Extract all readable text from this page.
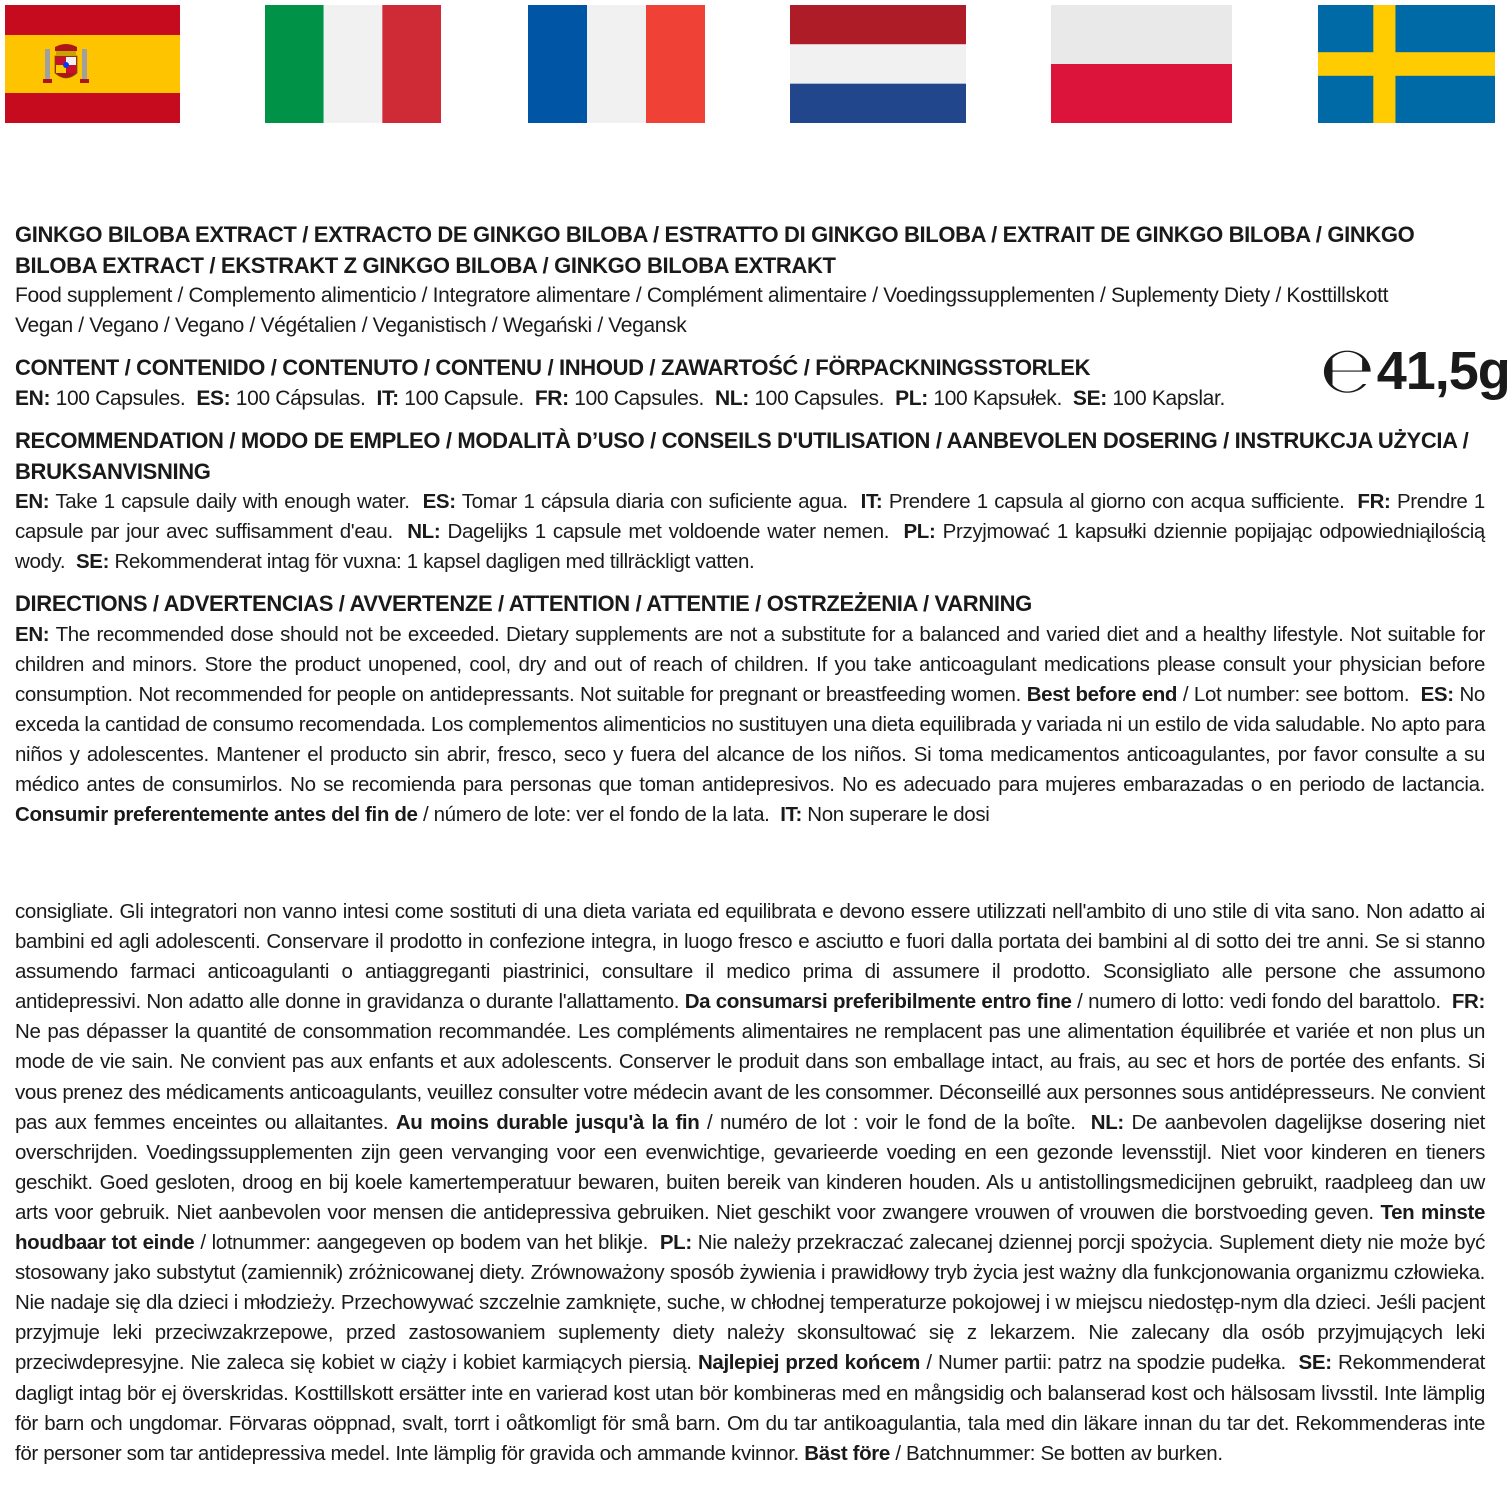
℮ 41,5g

GINKGO BILOBA EXTRACT / EXTRACTO DE GINKGO BILOBA / ESTRATTO DI GINKGO BILOBA / EXTRAIT DE GINKGO BILOBA / GINKGO BILOBA EXTRACT / EKSTRAKT Z GINKGO BILOBA / GINKGO BILOBA EXTRAKT

Food supplement / Complemento alimenticio / Integratore alimentare / Complément alimentaire / Voedingssupplementen / Suplementy Diety / Kosttillskott

Vegan / Vegano / Vegano / Végétalien / Veganistisch / Wegański / Vegansk

CONTENT / CONTENIDO / CONTENUTO / CONTENU / INHOUD / ZAWARTOŚĆ / FÖRPACKNINGSSTORLEK

EN: 100 Capsules. ES: 100 Cápsulas. IT: 100 Capsule. FR: 100 Capsules. NL: 100 Capsules. PL: 100 Kapsułek. SE: 100 Kapslar.

RECOMMENDATION / MODO DE EMPLEO / MODALITÀ D’USO / CONSEILS D'UTILISATION / AANBEVOLEN DOSERING / INSTRUKCJA UŻYCIA / BRUKSANVISNING

EN: Take 1 capsule daily with enough water. ES: Tomar 1 cápsula diaria con suficiente agua. IT: Prendere 1 capsula al giorno con acqua sufficiente. FR: Prendre 1 capsule par jour avec suffisamment d'eau. NL: Dagelijks 1 capsule met voldoende water nemen. PL: Przyjmować 1 kapsułki dziennie popijając odpowiedniąilością wody. SE: Rekommenderat intag för vuxna: 1 kapsel dagligen med tillräckligt vatten.

DIRECTIONS / ADVERTENCIAS / AVVERTENZE / ATTENTION / ATTENTIE / OSTRZEŻENIA / VARNING

EN: The recommended dose should not be exceeded. Dietary supplements are not a substitute for a balanced and varied diet and a healthy lifestyle. Not suitable for children and minors. Store the product unopened, cool, dry and out of reach of children. If you take anticoagulant medications please consult your physician before consumption. Not recommended for people on antidepressants. Not suitable for pregnant or breastfeeding women. Best before end / Lot number: see bottom. ES: No exceda la cantidad de consumo recomendada. Los complementos alimenticios no sustituyen una dieta equilibrada y variada ni un estilo de vida saludable. No apto para niños y adolescentes. Mantener el producto sin abrir, fresco, seco y fuera del alcance de los niños. Si toma medicamentos anticoagulantes, por favor consulte a su médico antes de consumirlos. No se recomienda para personas que toman antidepresivos. No es adecuado para mujeres embarazadas o en periodo de lactancia. Consumir preferentemente antes del fin de / número de lote: ver el fondo de la lata. IT: Non superare le dosi

consigliate. Gli integratori non vanno intesi come sostituti di una dieta variata ed equilibrata e devono essere utilizzati nell'ambito di uno stile di vita sano. Non adatto ai bambini ed agli adolescenti. Conservare il prodotto in confezione integra, in luogo fresco e asciutto e fuori dalla portata dei bambini al di sotto dei tre anni. Se si stanno assumendo farmaci anticoagulanti o antiaggreganti piastrinici, consultare il medico prima di assumere il prodotto. Sconsigliato alle persone che assumono antidepressivi. Non adatto alle donne in gravidanza o durante l'allattamento. Da consumarsi preferibilmente entro fine / numero di lotto: vedi fondo del barattolo. FR: Ne pas dépasser la quantité de consommation recommandée. Les compléments alimentaires ne remplacent pas une alimentation équilibrée et variée et non plus un mode de vie sain. Ne convient pas aux enfants et aux adolescents. Conserver le produit dans son emballage intact, au frais, au sec et hors de portée des enfants. Si vous prenez des médicaments anticoagulants, veuillez consulter votre médecin avant de les consommer. Déconseillé aux personnes sous antidépresseurs. Ne convient pas aux femmes enceintes ou allaitantes. Au moins durable jusqu'à la fin / numéro de lot : voir le fond de la boîte. NL: De aanbevolen dagelijkse dosering niet overschrijden. Voedingssupplementen zijn geen vervanging voor een evenwichtige, gevarieerde voeding en een gezonde levensstijl. Niet voor kinderen en tieners geschikt. Goed gesloten, droog en bij koele kamertemperatuur bewaren, buiten bereik van kinderen houden. Als u antistollingsmedicijnen gebruikt, raadpleeg dan uw arts voor gebruik. Niet aanbevolen voor mensen die antidepressiva gebruiken. Niet geschikt voor zwangere vrouwen of vrouwen die borstvoeding geven. Ten minste houdbaar tot einde / lotnummer: aangegeven op bodem van het blikje. PL: Nie należy przekraczać zalecanej dziennej porcji spożycia. Suplement diety nie może być stosowany jako substytut (zamiennik) zróżnicowanej diety. Zrównoważony sposób żywienia i prawidłowy tryb życia jest ważny dla funkcjonowania organizmu człowieka. Nie nadaje się dla dzieci i młodzieży. Przechowywać szczelnie zamknięte, suche, w chłodnej temperaturze pokojowej i w miejscu niedostęp-nym dla dzieci. Jeśli pacjent przyjmuje leki przeciwzakrzepowe, przed zastosowaniem suplementy diety należy skonsultować się z lekarzem. Nie zalecany dla osób przyjmujących leki przeciwdepresyjne. Nie zaleca się kobiet w ciąży i kobiet karmiących piersią. Najlepiej przed końcem / Numer partii: patrz na spodzie pudełka. SE: Rekommenderat dagligt intag bör ej överskridas. Kosttillskott ersätter inte en varierad kost utan bör kombineras med en mångsidig och balanserad kost och hälsosam livsstil. Inte lämplig för barn och ungdomar. Förvaras oöppnad, svalt, torrt i oåtkomligt för små barn. Om du tar antikoagulantia, tala med din läkare innan du tar det. Rekommenderas inte för personer som tar antidepressiva medel. Inte lämplig för gravida och ammande kvinnor. Bäst före / Batchnummer: Se botten av burken.
